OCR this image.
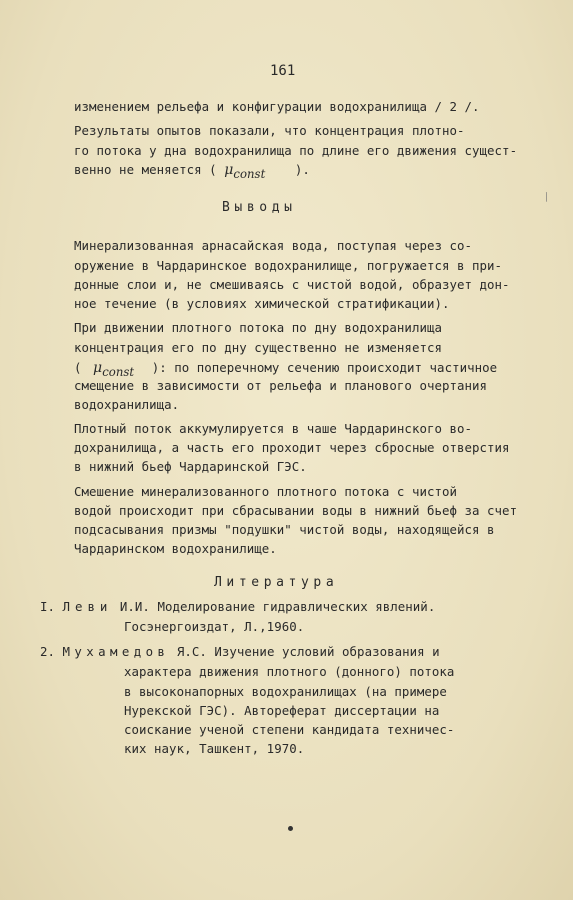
161
изменением рельефа и конфигурации водохранилища / 2 /.
Результаты опытов показали, что концентрация плотно-
го потока у дна водохранилища по длине его движения сущест-
венно не меняется ( $\mu_{const}$ ).
Выводы
Минерализованная арнасайская вода, поступая через со-
оружение в Чардаринское водохранилище, погружается в при-
донные слои и, не смешиваясь с чистой водой, образует дон-
ное течение (в условиях химической стратификации).
При движении плотного потока по дну водохранилища
концентрация его по дну существенно не изменяется
( $\mu_{const}$ ): по поперечному сечению происходит частичное
смещение в зависимости от рельефа и планового очертания
водохранилища.
Плотный поток аккумулируется в чаше Чардаринского во-
дохранилища, а часть его проходит через сбросные отверстия
в нижний бьеф Чардаринской ГЭС.
Смешение минерализованного плотного потока с чистой
водой происходит при сбрасывании воды в нижний бьеф за счет
подсасывания призмы "подушки" чистой воды, находящейся в
Чардаринском водохранилище.
Литература
I. Леви И.И. Моделирование гидравлических явлений.
Госэнергоиздат, Л.,1960.
2. Мухамедов Я.С. Изучение условий образования и
характера движения плотного (донного) потока
в высоконапорных водохранилищах (на примере
Нурекской ГЭС). Автореферат диссертации на
соискание ученой степени кандидата техничес-
ких наук, Ташкент, 1970.
⁄
